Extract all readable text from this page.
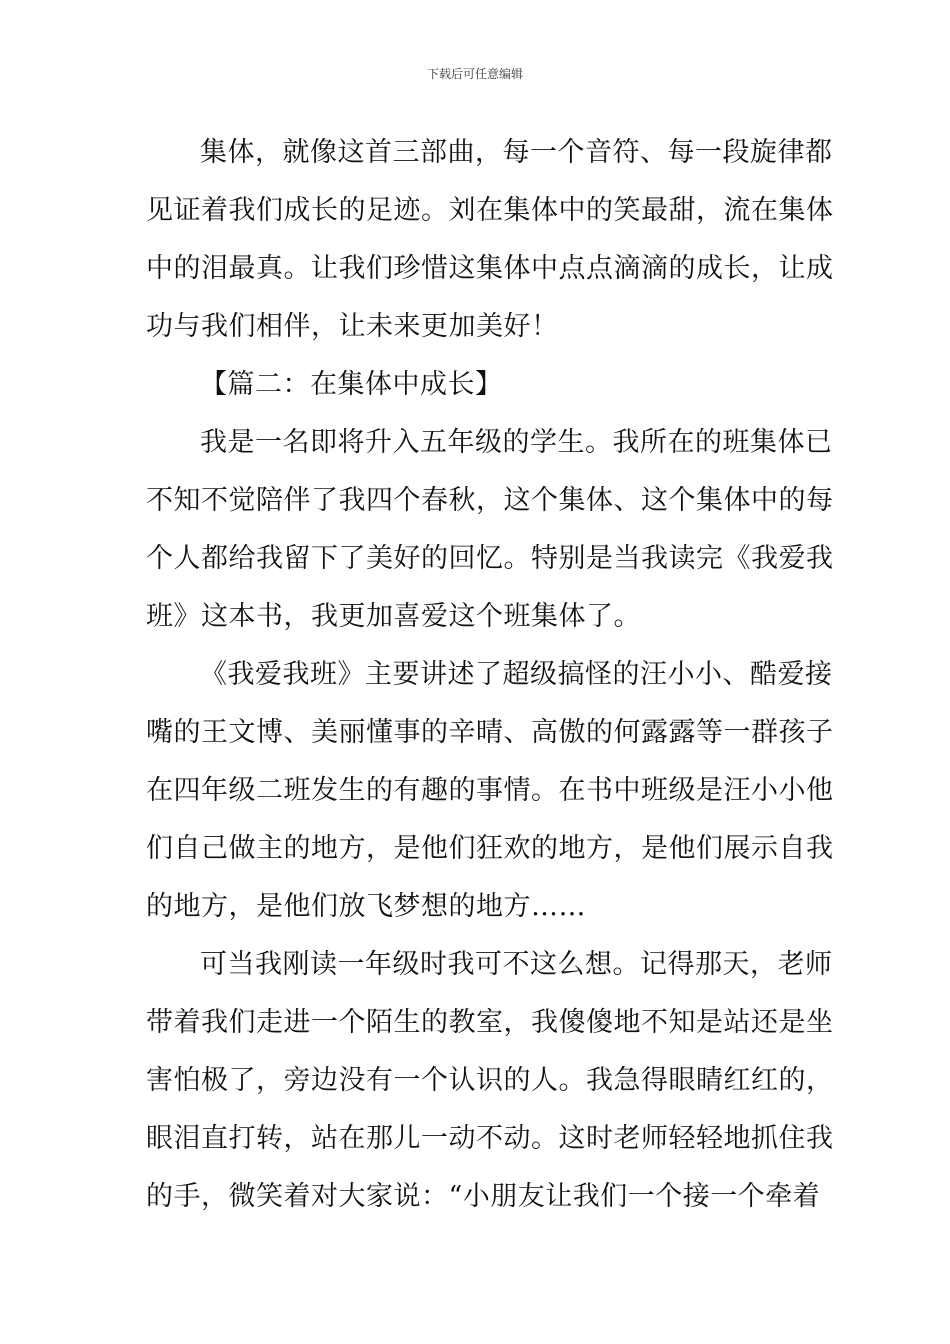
下载后可任意编辑
集体，就像这首三部曲，每一个音符、每一段旋律都
见证着我们成长的足迹。刘在集体中的笑最甜，流在集体
中的泪最真。让我们珍惜这集体中点点滴滴的成长，让成
功与我们相伴，让未来更加美好！
【篇二：在集体中成长】
我是一名即将升入五年级的学生。我所在的班集体已
不知不觉陪伴了我四个春秋，这个集体、这个集体中的每
个人都给我留下了美好的回忆。特别是当我读完《我爱我
班》这本书，我更加喜爱这个班集体了。
《我爱我班》主要讲述了超级搞怪的汪小小、酷爱接
嘴的王文博、美丽懂事的辛晴、高傲的何露露等一群孩子
在四年级二班发生的有趣的事情。在书中班级是汪小小他
们自己做主的地方，是他们狂欢的地方，是他们展示自我
的地方，是他们放飞梦想的地方……
可当我刚读一年级时我可不这么想。记得那天，老师
带着我们走进一个陌生的教室，我傻傻地不知是站还是坐
害怕极了，旁边没有一个认识的人。我急得眼睛红红的，
眼泪直打转，站在那儿一动不动。这时老师轻轻地抓住我
的手，微笑着对大家说：“小朋友让我们一个接一个牵着
